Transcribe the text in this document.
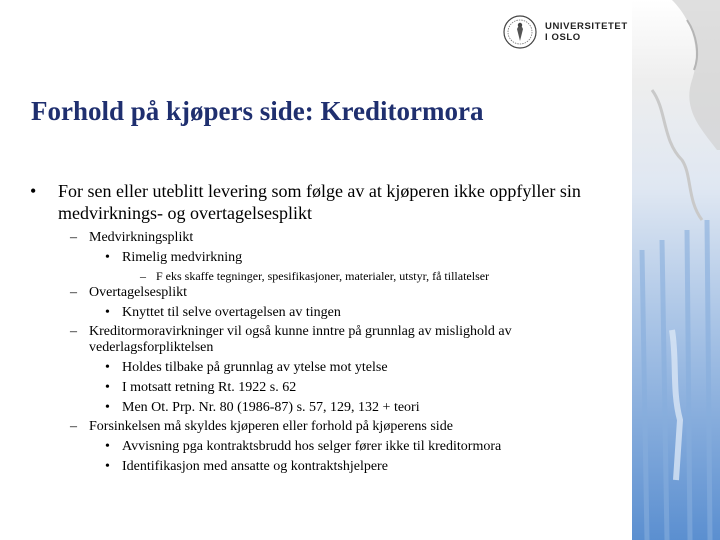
UNIVERSITETET
I OSLO
Forhold på kjøpers side: Kreditormora
• For sen eller uteblitt levering som følge av at kjøperen ikke oppfyller sin medvirknings- og overtagelsesplikt
– Medvirkningsplikt
• Rimelig medvirkning
– F eks skaffe tegninger, spesifikasjoner, materialer, utstyr, få tillatelser
– Overtagelsesplikt
• Knyttet til selve overtagelsen av tingen
– Kreditormoravirkninger vil også kunne inntre på grunnlag av mislighold av vederlagsforpliktelsen
• Holdes tilbake på grunnlag av ytelse mot ytelse
• I motsatt retning Rt. 1922 s. 62
• Men Ot. Prp. Nr. 80 (1986-87) s. 57, 129, 132 + teori
– Forsinkelsen må skyldes kjøperen eller forhold på kjøperens side
• Avvisning pga kontraktsbrudd hos selger fører ikke til kreditormora
• Identifikasjon med ansatte og kontraktshjelpere
